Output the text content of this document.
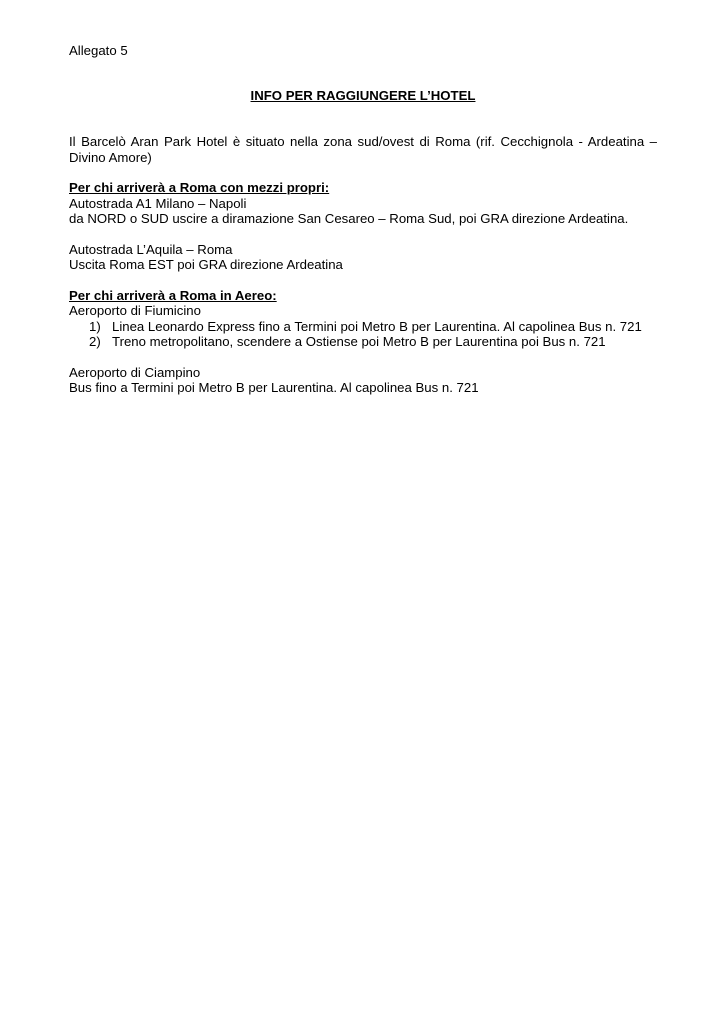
Allegato 5
INFO PER RAGGIUNGERE L’HOTEL
Il Barcelò Aran Park Hotel è situato nella zona sud/ovest di Roma (rif. Cecchignola - Ardeatina – Divino Amore)
Per chi arriverà a Roma con mezzi propri:
Autostrada A1 Milano – Napoli
da NORD o SUD uscire a diramazione San Cesareo – Roma Sud, poi GRA direzione Ardeatina.
Autostrada L’Aquila – Roma
Uscita Roma EST poi GRA direzione Ardeatina
Per chi arriverà a Roma in Aereo:
Aeroporto di Fiumicino
1) Linea Leonardo Express fino a Termini poi Metro B per Laurentina. Al capolinea Bus n. 721
2) Treno metropolitano, scendere a Ostiense poi Metro B per Laurentina poi Bus n. 721
Aeroporto di Ciampino
Bus fino a Termini poi Metro B per Laurentina. Al capolinea Bus n. 721
